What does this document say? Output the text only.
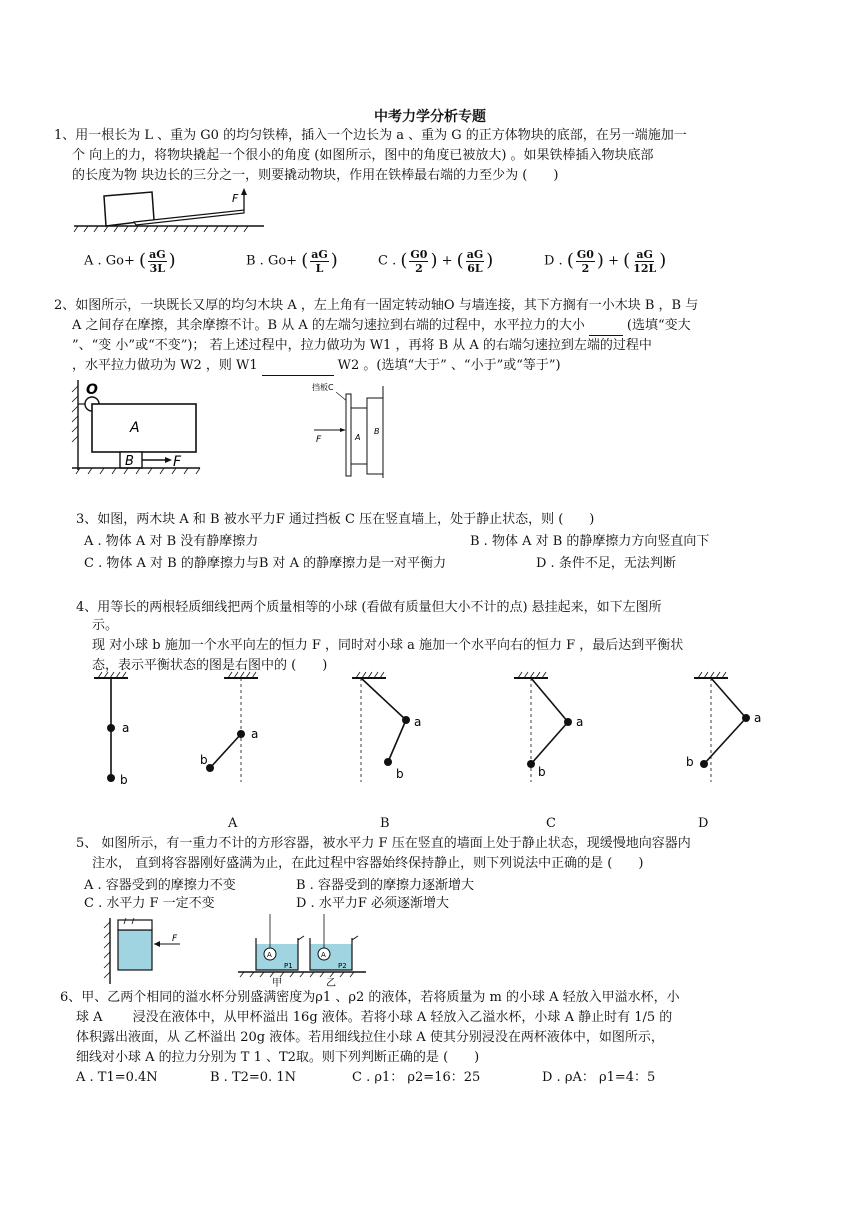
中考力学分析专题
1、用一根长为 L 、重为 G0 的均匀铁棒，插入一个边长为 a 、重为 G 的正方体物块的底部，在另一端施加一
个 向上的力，将物块撬起一个很小的角度 (如图所示，图中的角度已被放大) 。如果铁棒插入物块底部
的长度为物 块边长的三分之一，则要撬动物块，作用在铁棒最右端的力至少为 (　　)
F
A . Go+ ( $\frac{aG}{3L}$ )	B . Go+ ( $\frac{aG}{L}$ )	C . ( $\frac{G0}{2}$ ) + ( $\frac{aG}{6L}$ )	D . ( $\frac{G0}{2}$ ) + ( $\frac{aG}{12L}$ )
2、如图所示，一块既长又厚的均匀木块 A ，左上角有一固定转动轴O 与墙连接，其下方搁有一小木块 B ，B 与
A 之间存在摩擦，其余摩擦不计。B 从 A 的左端匀速拉到右端的过程中，水平拉力的大小	(选填“变大
”、“变 小”或“不变”)； 若上述过程中，拉力做功为 W1 ，再将 B 从 A 的右端匀速拉到左端的过程中
，水平拉力做功为 W2 ，则 W1	W2 。(选填“大于” 、“小于”或“等于”)
O
A
B	F
挡板C
A
B
F
3、如图，两木块 A 和 B 被水平力F 通过挡板 C 压在竖直墙上，处于静止状态，则 (　　)
A . 物体 A 对 B 没有静摩擦力	B . 物体 A 对 B 的静摩擦力方向竖直向下
C . 物体 A 对 B 的静摩擦力与B 对 A 的静摩擦力是一对平衡力	D . 条件不足，无法判断
4、用等长的两根轻质细线把两个质量相等的小球 (看做有质量但大小不计的点) 悬挂起来，如下左图所
示。
现 对小球 b 施加一个水平向左的恒力 F ，同时对小球 a 施加一个水平向右的恒力 F ，最后达到平衡状
态，表示平衡状态的图是右图中的 (　　)
a
b
a
b
a
b
a
b
a
b
A	B	C	D
5、 如图所示，有一重力不计的方形容器，被水平力 F 压在竖直的墙面上处于静止状态，现缓慢地向容器内
注水， 直到将容器刚好盛满为止，在此过程中容器始终保持静止，则下列说法中正确的是 (　　)
A . 容器受到的摩擦力不变	B . 容器受到的摩擦力逐渐增大
C . 水平力 F 一定不变	D . 水平力F 必须逐渐增大
F
A
P1
A
P2
甲	乙
6、甲、乙两个相同的溢水杯分别盛满密度为ρ1 、ρ2 的液体，若将质量为 m 的小球 A 轻放入甲溢水杯，小
球 A 　　浸没在液体中，从甲杯溢出 16g 液体。若将小球 A 轻放入乙溢水杯，小球 A 静止时有 1/5 的
体积露出液面，从 乙杯溢出 20g 液体。若用细线拉住小球 A 使其分别浸没在两杯液体中，如图所示，
细线对小球 A 的拉力分别为 T 1 、T2取。则下列判断正确的是 (　　)
A . T1=0.4N	B . T2=0. 1N	C . ρ1： ρ2=16：25	D . ρA： ρ1=4：5
